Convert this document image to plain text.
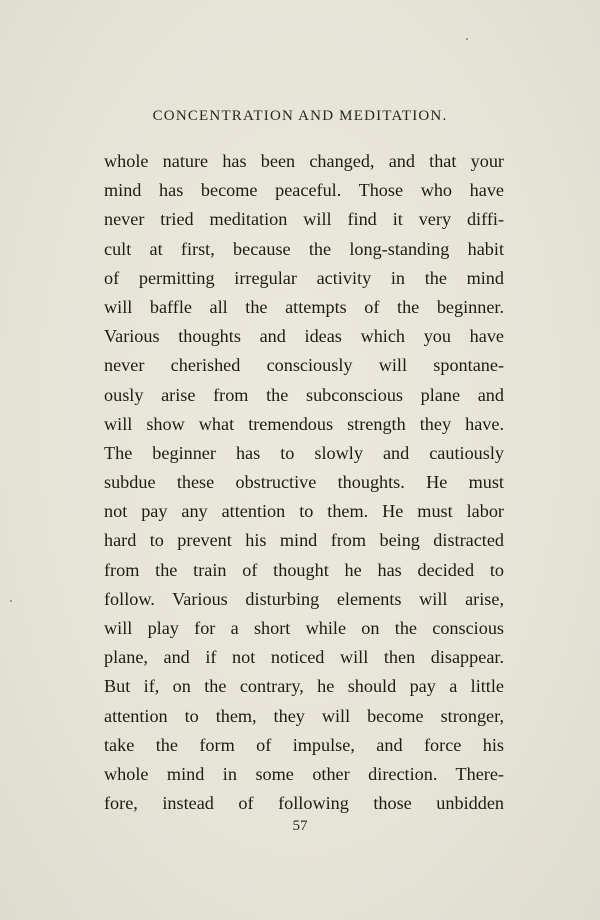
CONCENTRATION AND MEDITATION.
whole nature has been changed, and that your
mind has become peaceful. Those who have
never tried meditation will find it very diffi-
cult at first, because the long-standing habit
of permitting irregular activity in the mind
will baffle all the attempts of the beginner.
Various thoughts and ideas which you have
never cherished consciously will spontane-
ously arise from the subconscious plane and
will show what tremendous strength they have.
The beginner has to slowly and cautiously
subdue these obstructive thoughts. He must
not pay any attention to them. He must labor
hard to prevent his mind from being distracted
from the train of thought he has decided to
follow. Various disturbing elements will arise,
will play for a short while on the conscious
plane, and if not noticed will then disappear.
But if, on the contrary, he should pay a little
attention to them, they will become stronger,
take the form of impulse, and force his
whole mind in some other direction. There-
fore, instead of following those unbidden
57
